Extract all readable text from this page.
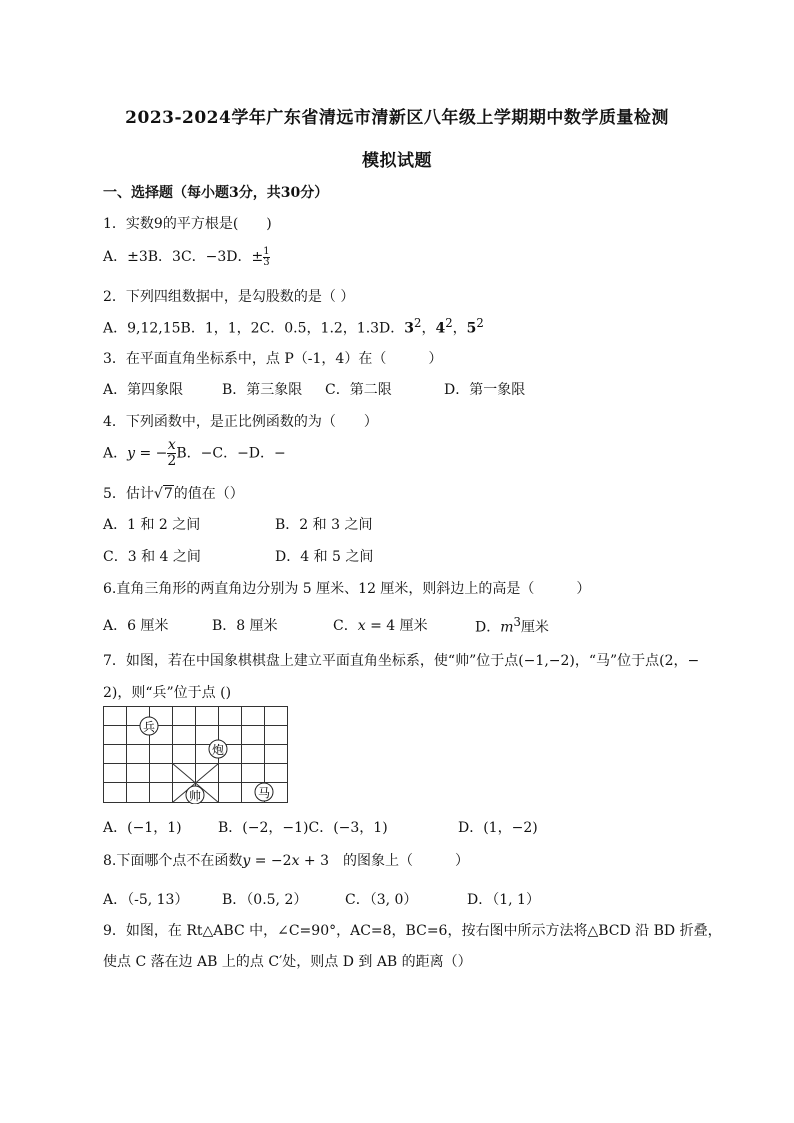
2023-2024学年广东省清远市清新区八年级上学期期中数学质量检测
模拟试题
一、选择题（每小题3分，共30分）
1．实数9的平方根是(　　)
A．±3B．3C．−3D．± $\frac{1}{3}$
2．下列四组数据中，是勾股数的是（ ）
A．9,12,15B．1，1，2C．0.5，1.2，1.3D．$3^2$，$4^2$，$5^2$
3．在平面直角坐标系中，点 P（-1，4）在（　　　）
A．第四象限	B．第三象限 C．第二限	D．第一象限
4．下列函数中，是正比例函数的为（　　）
A．y = − $\frac{x}{2}$ B．−C．−D．−
5．估计√7的值在（）
A．1 和 2 之间	B．2 和 3 之间
C．3 和 4 之间	D．4 和 5 之间
6.直角三角形的两直角边分别为 5 厘米、12 厘米，则斜边上的高是（　　　）
A．6 厘米	B．8 厘米	C．x = 4 厘米	D．$m^3$厘米
7．如图，若在中国象棋棋盘上建立平面直角坐标系，使“帅”位于点(−1,−2)，“马”位于点(2，−
2)，则“兵”位于点 ()
兵
炮
帅	马
A．(−1，1)	B．(−2，−1)C．(−3，1)	D．(1，−2)
8.下面哪个点不在函数y = −2x + 3　的图象上（　　　）
A．（-5, 13） B．（0.5, 2）	C．（3, 0）	D．（1, 1）
9．如图，在 Rt△ABC 中，∠C=90°，AC=8，BC=6，按右图中所示方法将△BCD 沿 BD 折叠，
使点 C 落在边 AB 上的点 C′处，则点 D 到 AB 的距离（）
